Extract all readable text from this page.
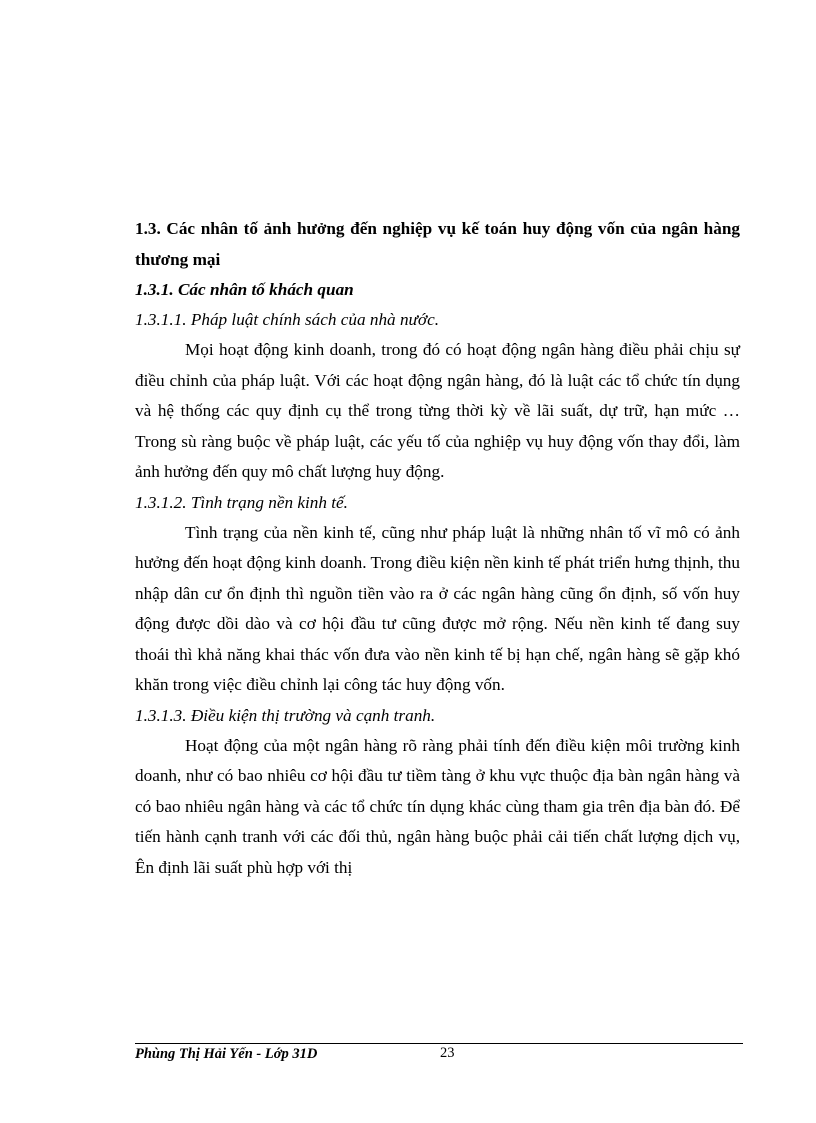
1.3. Các nhân tố ảnh hưởng đến nghiệp vụ kế toán huy động vốn của ngân hàng thương mại

1.3.1. Các nhân tố khách quan

1.3.1.1. Pháp luật chính sách của nhà nước.

Mọi hoạt động kinh doanh, trong đó có hoạt động ngân hàng điều phải chịu sự điều chỉnh của pháp luật. Với các hoạt động ngân hàng, đó là luật các tổ chức tín dụng và hệ thống các quy định cụ thể trong từng thời kỳ về lãi suất, dự trữ, hạn mức … Trong sù ràng buộc về pháp luật, các yếu tố của nghiệp vụ huy động vốn thay đổi, làm ảnh hưởng đến quy mô chất lượng huy động.

1.3.1.2. Tình trạng nền kinh tế.

Tình trạng của nền kinh tế, cũng như pháp luật là những nhân tố vĩ mô có ảnh hưởng đến hoạt động kinh doanh. Trong điều kiện nền kinh tế phát triển hưng thịnh, thu nhập dân cư ổn định thì nguồn tiền vào ra ở các ngân hàng cũng ổn định, số vốn huy động được dồi dào và cơ hội đầu tư cũng được mở rộng. Nếu nền kinh tế đang suy thoái thì khả năng khai thác vốn đưa vào nền kinh tế bị hạn chế, ngân hàng sẽ gặp khó khăn trong việc điều chỉnh lại công tác huy động vốn.

1.3.1.3. Điều kiện thị trường và cạnh tranh.

Hoạt động của một ngân hàng rõ ràng phải tính đến điều kiện môi trường kinh doanh, như có bao nhiêu cơ hội đầu tư tiềm tàng ở khu vực thuộc địa bàn ngân hàng và có bao nhiêu ngân hàng và các tổ chức tín dụng khác cùng tham gia trên địa bàn đó. Để tiến hành cạnh tranh với các đối thủ, ngân hàng buộc phải cải tiến chất lượng dịch vụ, Ên định lãi suất phù hợp với thị

Phùng Thị Hải Yến - Lớp 31D	23
